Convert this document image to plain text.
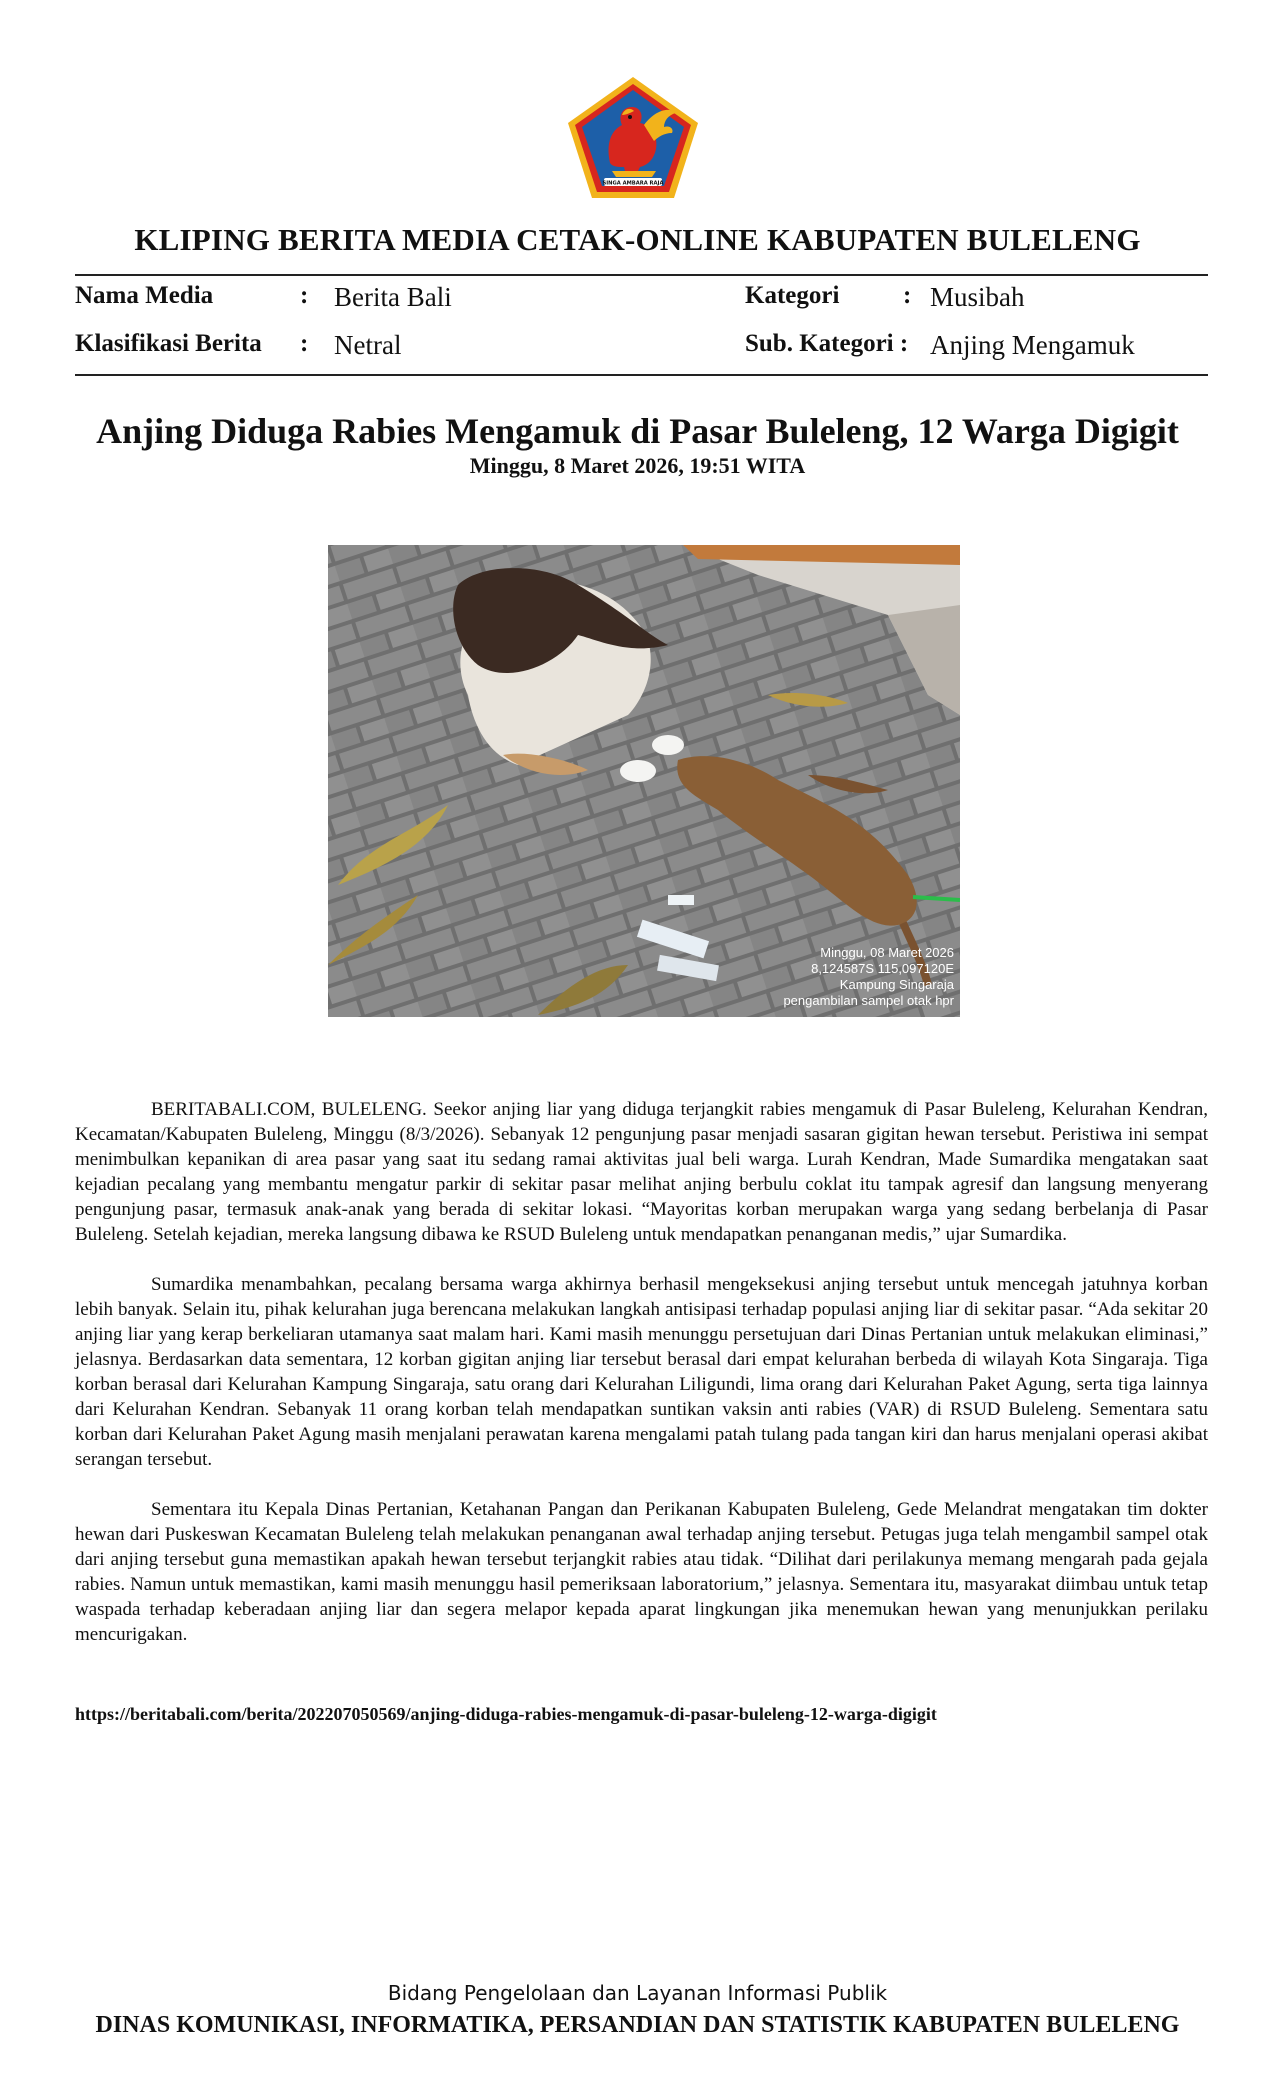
SINGA AMBARA RAJA
KLIPING BERITA MEDIA CETAK-ONLINE KABUPATEN BULELENG
Nama Media	: Berita Bali	Kategori	: Musibah
Klasifikasi Berita : Netral	Sub. Kategori : Anjing Mengamuk
Anjing Diduga Rabies Mengamuk di Pasar Buleleng, 12 Warga Digigit
Minggu, 8 Maret 2026, 19:51 WITA
Minggu, 08 Maret 2026
8,124587S 115,097120E
Kampung Singaraja
pengambilan sampel otak hpr

BERITABALI.COM, BULELENG. Seekor anjing liar yang diduga terjangkit rabies mengamuk di Pasar Buleleng, Kelurahan Kendran, Kecamatan/Kabupaten Buleleng, Minggu (8/3/2026). Sebanyak 12 pengunjung pasar menjadi sasaran gigitan hewan tersebut. Peristiwa ini sempat menimbulkan kepanikan di area pasar yang saat itu sedang ramai aktivitas jual beli warga. Lurah Kendran, Made Sumardika mengatakan saat kejadian pecalang yang membantu mengatur parkir di sekitar pasar melihat anjing berbulu coklat itu tampak agresif dan langsung menyerang pengunjung pasar, termasuk anak-anak yang berada di sekitar lokasi. “Mayoritas korban merupakan warga yang sedang berbelanja di Pasar Buleleng. Setelah kejadian, mereka langsung dibawa ke RSUD Buleleng untuk mendapatkan penanganan medis,” ujar Sumardika.

Sumardika menambahkan, pecalang bersama warga akhirnya berhasil mengeksekusi anjing tersebut untuk mencegah jatuhnya korban lebih banyak. Selain itu, pihak kelurahan juga berencana melakukan langkah antisipasi terhadap populasi anjing liar di sekitar pasar. “Ada sekitar 20 anjing liar yang kerap berkeliaran utamanya saat malam hari. Kami masih menunggu persetujuan dari Dinas Pertanian untuk melakukan eliminasi,” jelasnya. Berdasarkan data sementara, 12 korban gigitan anjing liar tersebut berasal dari empat kelurahan berbeda di wilayah Kota Singaraja. Tiga korban berasal dari Kelurahan Kampung Singaraja, satu orang dari Kelurahan Liligundi, lima orang dari Kelurahan Paket Agung, serta tiga lainnya dari Kelurahan Kendran. Sebanyak 11 orang korban telah mendapatkan suntikan vaksin anti rabies (VAR) di RSUD Buleleng. Sementara satu korban dari Kelurahan Paket Agung masih menjalani perawatan karena mengalami patah tulang pada tangan kiri dan harus menjalani operasi akibat serangan tersebut.

Sementara itu Kepala Dinas Pertanian, Ketahanan Pangan dan Perikanan Kabupaten Buleleng, Gede Melandrat mengatakan tim dokter hewan dari Puskeswan Kecamatan Buleleng telah melakukan penanganan awal terhadap anjing tersebut. Petugas juga telah mengambil sampel otak dari anjing tersebut guna memastikan apakah hewan tersebut terjangkit rabies atau tidak. “Dilihat dari perilakunya memang mengarah pada gejala rabies. Namun untuk memastikan, kami masih menunggu hasil pemeriksaan laboratorium,” jelasnya. Sementara itu, masyarakat diimbau untuk tetap waspada terhadap keberadaan anjing liar dan segera melapor kepada aparat lingkungan jika menemukan hewan yang menunjukkan perilaku mencurigakan.

https://beritabali.com/berita/202207050569/anjing-diduga-rabies-mengamuk-di-pasar-buleleng-12-warga-digigit
Bidang Pengelolaan dan Layanan Informasi Publik
DINAS KOMUNIKASI, INFORMATIKA, PERSANDIAN DAN STATISTIK KABUPATEN BULELENG
